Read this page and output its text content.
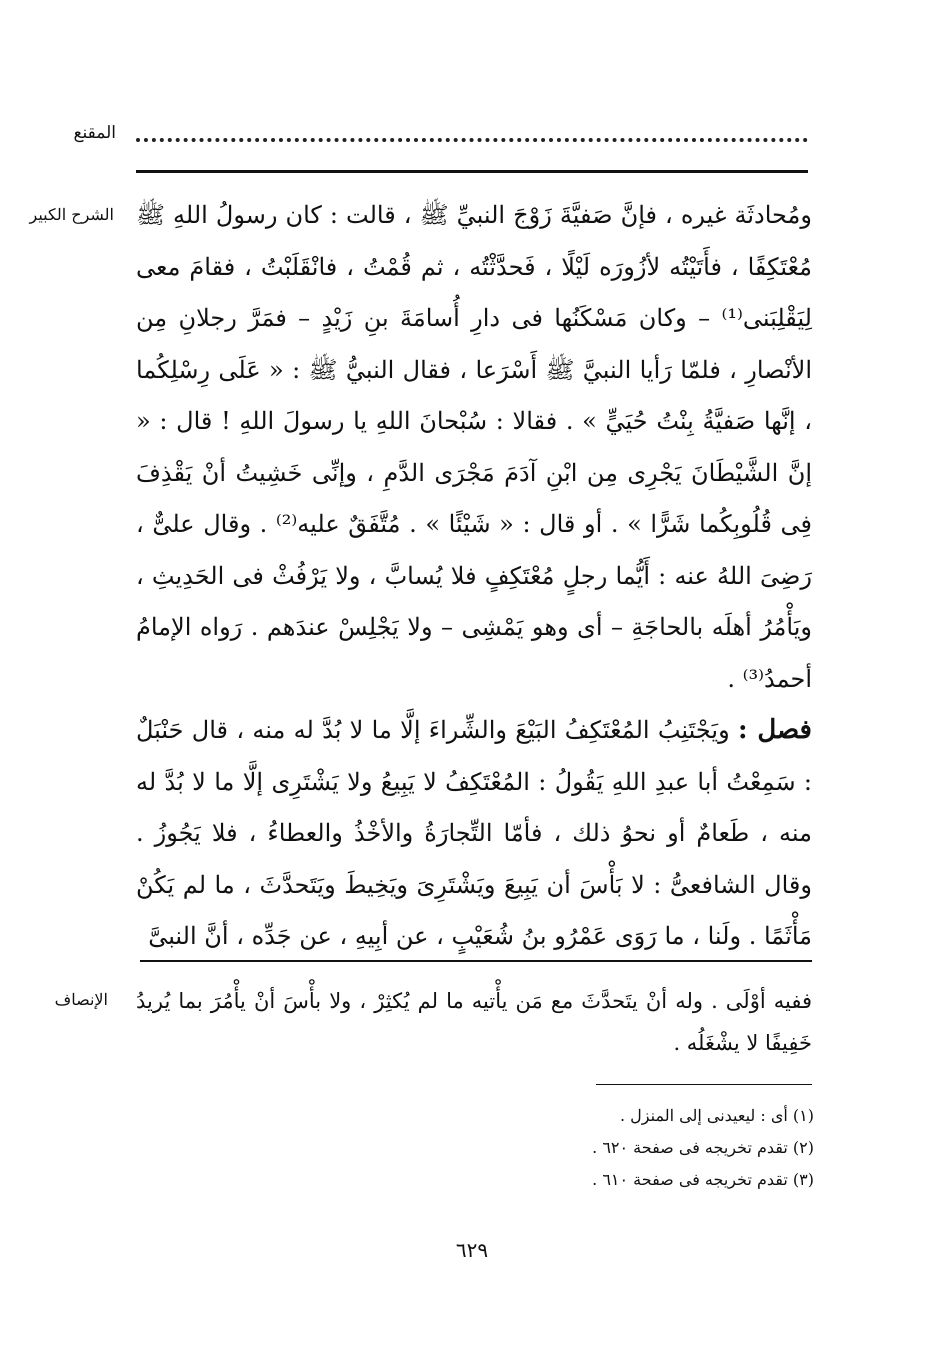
المقنع
الشرح الكبير
الإنصاف

ومُحادثَة غيره ، فإنَّ صَفيَّةَ زَوْجَ النبيِّ ﷺ ، قالت : كان رسولُ اللهِ ﷺ مُعْتَكِفًا ، فأَتَيْتُه لأزُورَه لَيْلًا ، فَحدَّثْتُه ، ثم قُمْتُ ، فانْقَلَبْتُ ، فقامَ معى لِيَقْلِبَنى⁽¹⁾ – وكان مَسْكَنُها فى دارِ أُسامَةَ بنِ زَيْدٍ – فمَرَّ رجلانِ مِن الأنْصارِ ، فلمّا رَأيا النبيَّ ﷺ أَسْرَعا ، فقال النبيُّ ﷺ : « عَلَى رِسْلِكُما ، إنَّها صَفيَّةُ بِنْتُ حُيَيٍّ » . فقالا : سُبْحانَ اللهِ يا رسولَ اللهِ ! قال : « إنَّ الشَّيْطَانَ يَجْرِى مِن ابْنِ آدَمَ مَجْرَى الدَّمِ ، وإنِّى خَشِيتُ أنْ يَقْذِفَ فِى قُلُوبِكُما شَرًّا » . أو قال : « شَيْئًا » . مُتَّفَقٌ عليه⁽²⁾ . وقال علىٌّ ، رَضِىَ اللهُ عنه : أَيُّما رجلٍ مُعْتَكِفٍ فلا يُسابَّ ، ولا يَرْفُثْ فى الحَدِيثِ ، ويَأْمُرُ أهلَه بالحاجَةِ – أى وهو يَمْشِى – ولا يَجْلِسْ عندَهم . رَواه الإمامُ أحمدُ⁽³⁾ .

فصل : ويَجْتَنِبُ المُعْتَكِفُ البَيْعَ والشِّراءَ إلَّا ما لا بُدَّ له منه ، قال حَنْبَلٌ : سَمِعْتُ أبا عبدِ اللهِ يَقُولُ : المُعْتَكِفُ لا يَبِيعُ ولا يَشْتَرِى إلَّا ما لا بُدَّ له منه ، طَعامٌ أو نحوُ ذلك ، فأمّا التِّجارَةُ والأخْذُ والعطاءُ ، فلا يَجُوزُ . وقال الشافعىُّ : لا بَأْسَ أن يَبِيعَ ويَشْتَرِىَ ويَخِيطَ ويَتَحدَّثَ ، ما لم يَكُنْ مَأْثَمًا . ولَنا ، ما رَوَى عَمْرُو بنُ شُعَيْبٍ ، عن أبِيهِ ، عن جَدِّه ، أنَّ النبىَّ

ففيه أوْلَى . وله أنْ يتَحدَّثَ مع مَن يأْتيه ما لم يُكثِرْ ، ولا بأْسَ أنْ يأْمُرَ بما يُريدُ خَفِيفًا لا يشْغَلُه .
(١) أى : ليعيدنى إلى المنزل .
(٢) تقدم تخريجه فى صفحة ٦٢٠ .
(٣) تقدم تخريجه فى صفحة ٦١٠ .
٦٢٩
